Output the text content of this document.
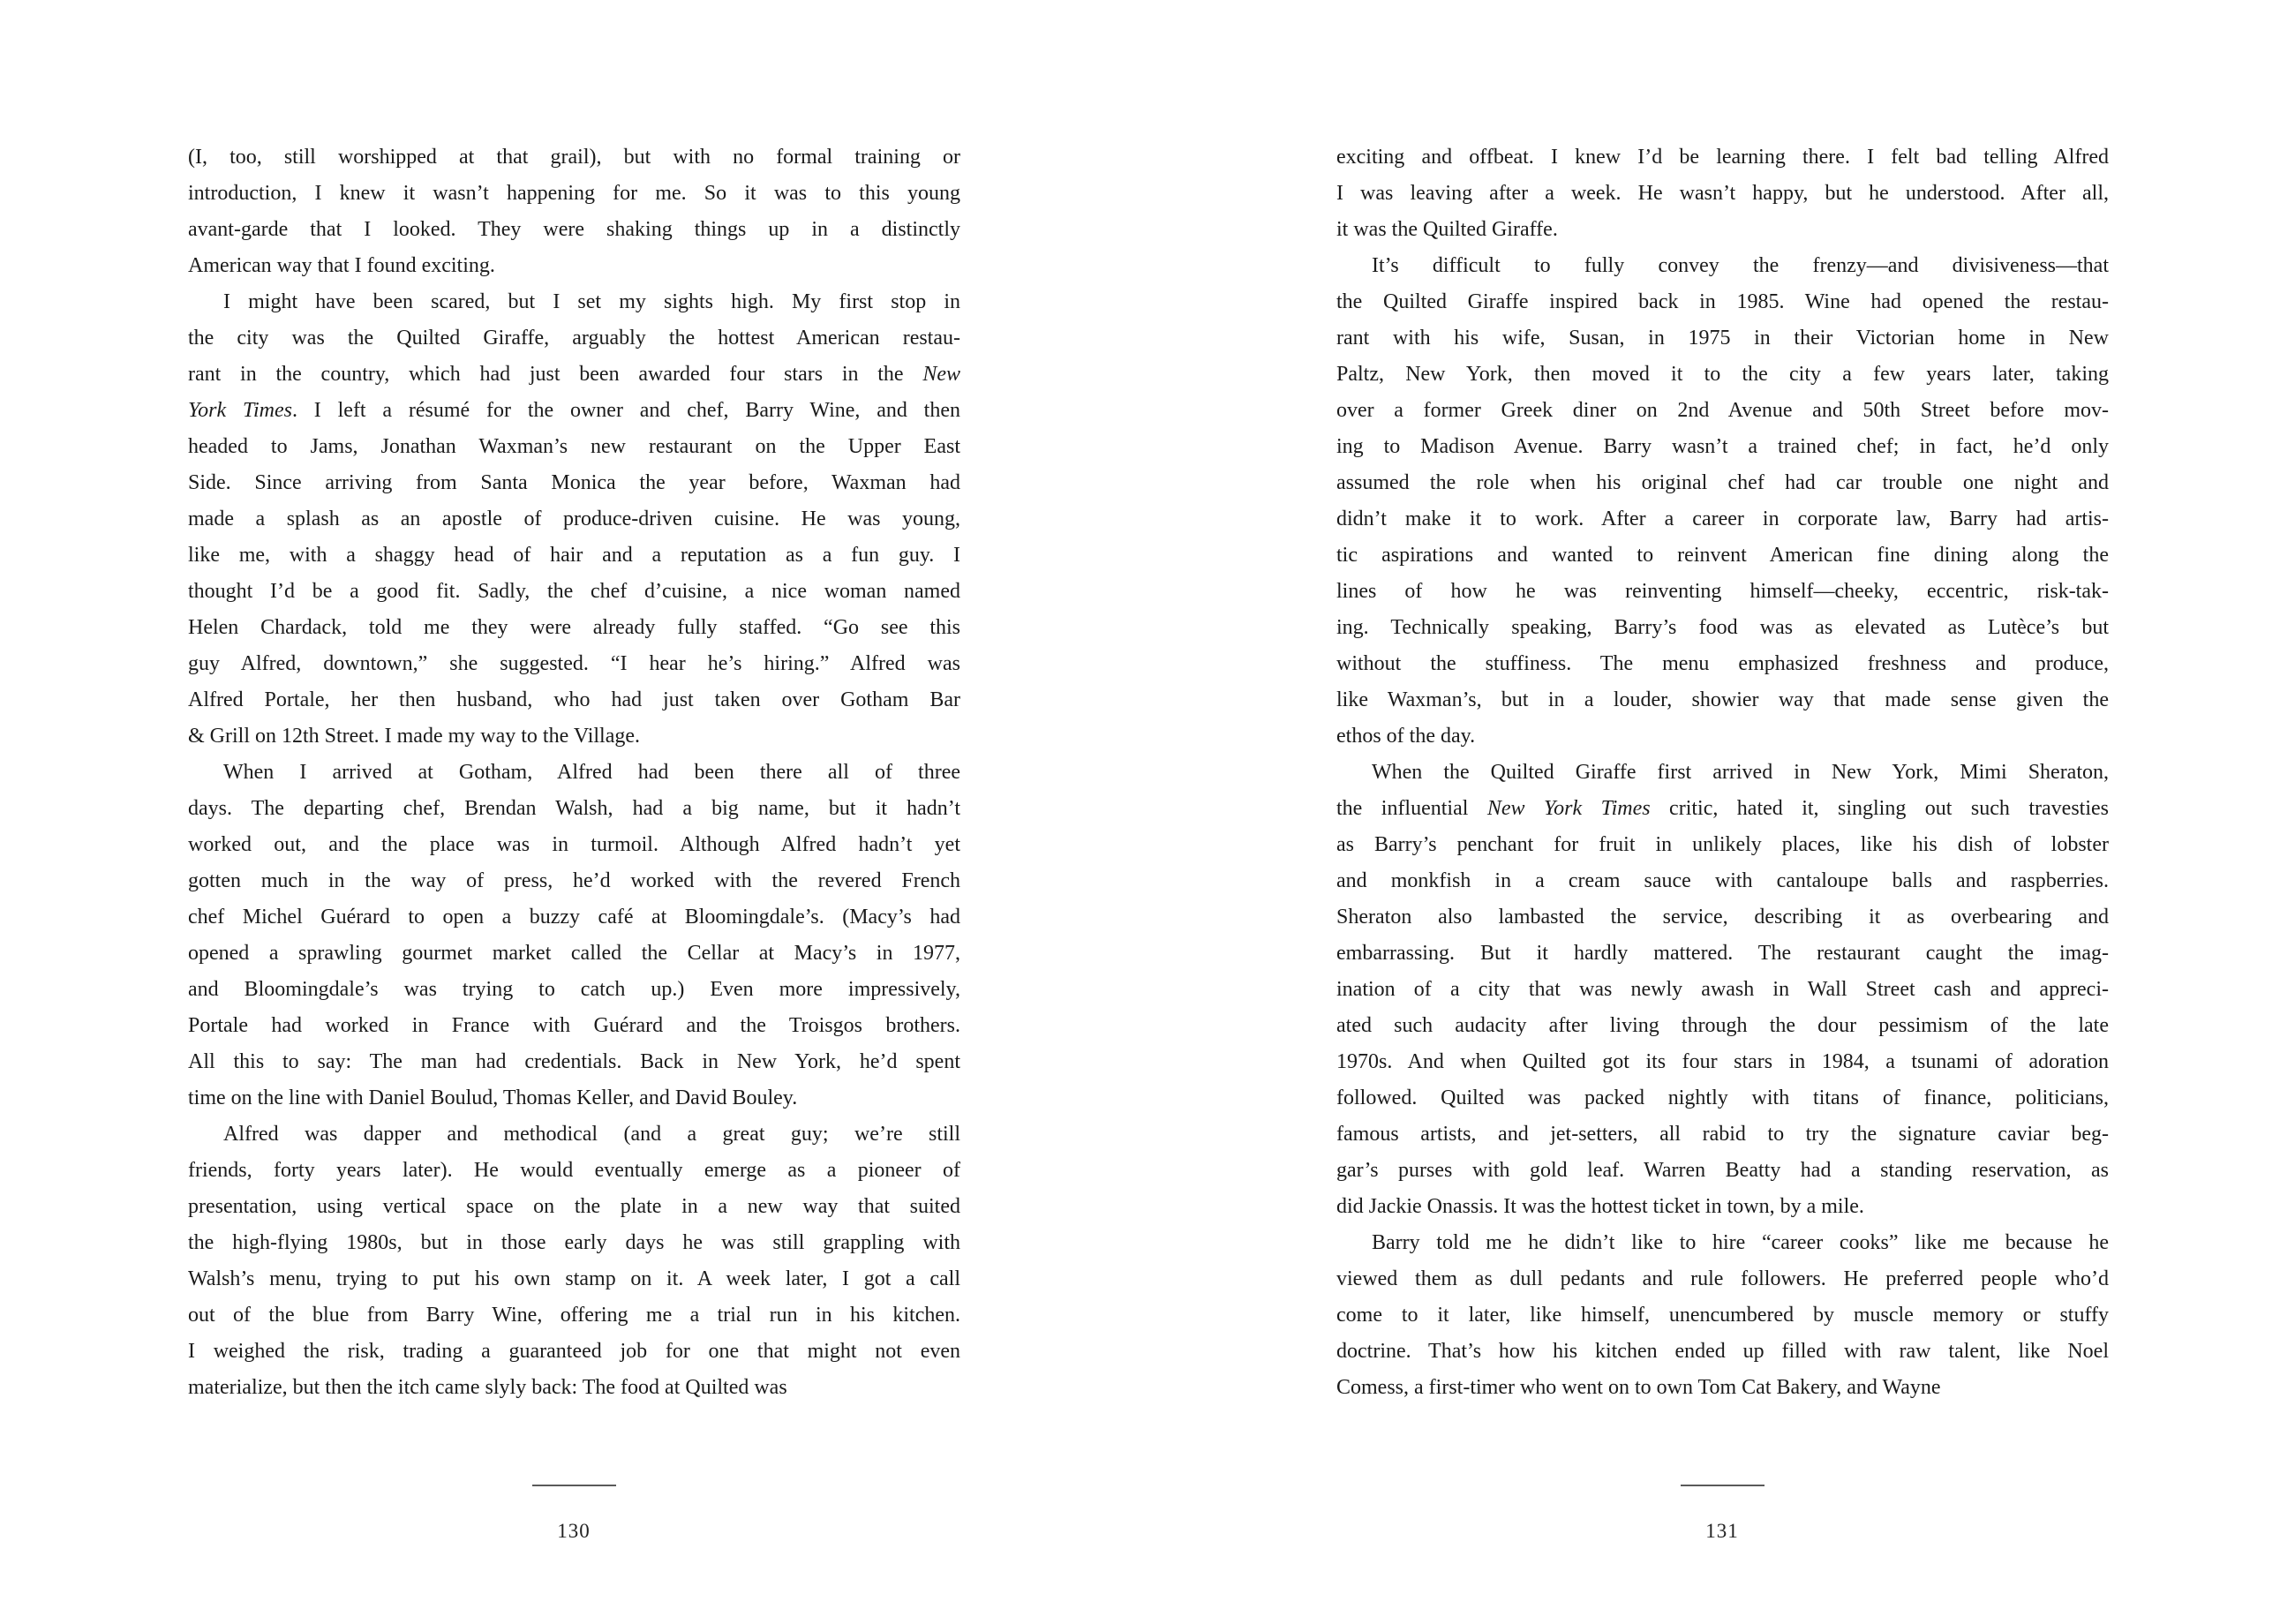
(I, too, still worshipped at that grail), but with no formal training or
introduction, I knew it wasn’t happening for me. So it was to this young
avant-garde that I looked. They were shaking things up in a distinctly
American way that I found exciting.
I might have been scared, but I set my sights high. My first stop in
the city was the Quilted Giraffe, arguably the hottest American restau-
rant in the country, which had just been awarded four stars in the New
York Times. I left a résumé for the owner and chef, Barry Wine, and then
headed to Jams, Jonathan Waxman’s new restaurant on the Upper East
Side. Since arriving from Santa Monica the year before, Waxman had
made a splash as an apostle of produce-driven cuisine. He was young,
like me, with a shaggy head of hair and a reputation as a fun guy. I
thought I’d be a good fit. Sadly, the chef d’cuisine, a nice woman named
Helen Chardack, told me they were already fully staffed. “Go see this
guy Alfred, downtown,” she suggested. “I hear he’s hiring.” Alfred was
Alfred Portale, her then husband, who had just taken over Gotham Bar
& Grill on 12th Street. I made my way to the Village.
When I arrived at Gotham, Alfred had been there all of three
days. The departing chef, Brendan Walsh, had a big name, but it hadn’t
worked out, and the place was in turmoil. Although Alfred hadn’t yet
gotten much in the way of press, he’d worked with the revered French
chef Michel Guérard to open a buzzy café at Bloomingdale’s. (Macy’s had
opened a sprawling gourmet market called the Cellar at Macy’s in 1977,
and Bloomingdale’s was trying to catch up.) Even more impressively,
Portale had worked in France with Guérard and the Troisgos brothers.
All this to say: The man had credentials. Back in New York, he’d spent
time on the line with Daniel Boulud, Thomas Keller, and David Bouley.
Alfred was dapper and methodical (and a great guy; we’re still
friends, forty years later). He would eventually emerge as a pioneer of
presentation, using vertical space on the plate in a new way that suited
the high-flying 1980s, but in those early days he was still grappling with
Walsh’s menu, trying to put his own stamp on it. A week later, I got a call
out of the blue from Barry Wine, offering me a trial run in his kitchen.
I weighed the risk, trading a guaranteed job for one that might not even
materialize, but then the itch came slyly back: The food at Quilted was
exciting and offbeat. I knew I’d be learning there. I felt bad telling Alfred
I was leaving after a week. He wasn’t happy, but he understood. After all,
it was the Quilted Giraffe.
It’s difficult to fully convey the frenzy—and divisiveness—that
the Quilted Giraffe inspired back in 1985. Wine had opened the restau-
rant with his wife, Susan, in 1975 in their Victorian home in New
Paltz, New York, then moved it to the city a few years later, taking
over a former Greek diner on 2nd Avenue and 50th Street before mov-
ing to Madison Avenue. Barry wasn’t a trained chef; in fact, he’d only
assumed the role when his original chef had car trouble one night and
didn’t make it to work. After a career in corporate law, Barry had artis-
tic aspirations and wanted to reinvent American fine dining along the
lines of how he was reinventing himself—cheeky, eccentric, risk-tak-
ing. Technically speaking, Barry’s food was as elevated as Lutèce’s but
without the stuffiness. The menu emphasized freshness and produce,
like Waxman’s, but in a louder, showier way that made sense given the
ethos of the day.
When the Quilted Giraffe first arrived in New York, Mimi Sheraton,
the influential New York Times critic, hated it, singling out such travesties
as Barry’s penchant for fruit in unlikely places, like his dish of lobster
and monkfish in a cream sauce with cantaloupe balls and raspberries.
Sheraton also lambasted the service, describing it as overbearing and
embarrassing. But it hardly mattered. The restaurant caught the imag-
ination of a city that was newly awash in Wall Street cash and appreci-
ated such audacity after living through the dour pessimism of the late
1970s. And when Quilted got its four stars in 1984, a tsunami of adoration
followed. Quilted was packed nightly with titans of finance, politicians,
famous artists, and jet-setters, all rabid to try the signature caviar beg-
gar’s purses with gold leaf. Warren Beatty had a standing reservation, as
did Jackie Onassis. It was the hottest ticket in town, by a mile.
Barry told me he didn’t like to hire “career cooks” like me because he
viewed them as dull pedants and rule followers. He preferred people who’d
come to it later, like himself, unencumbered by muscle memory or stuffy
doctrine. That’s how his kitchen ended up filled with raw talent, like Noel
Comess, a first-timer who went on to own Tom Cat Bakery, and Wayne
130	131
